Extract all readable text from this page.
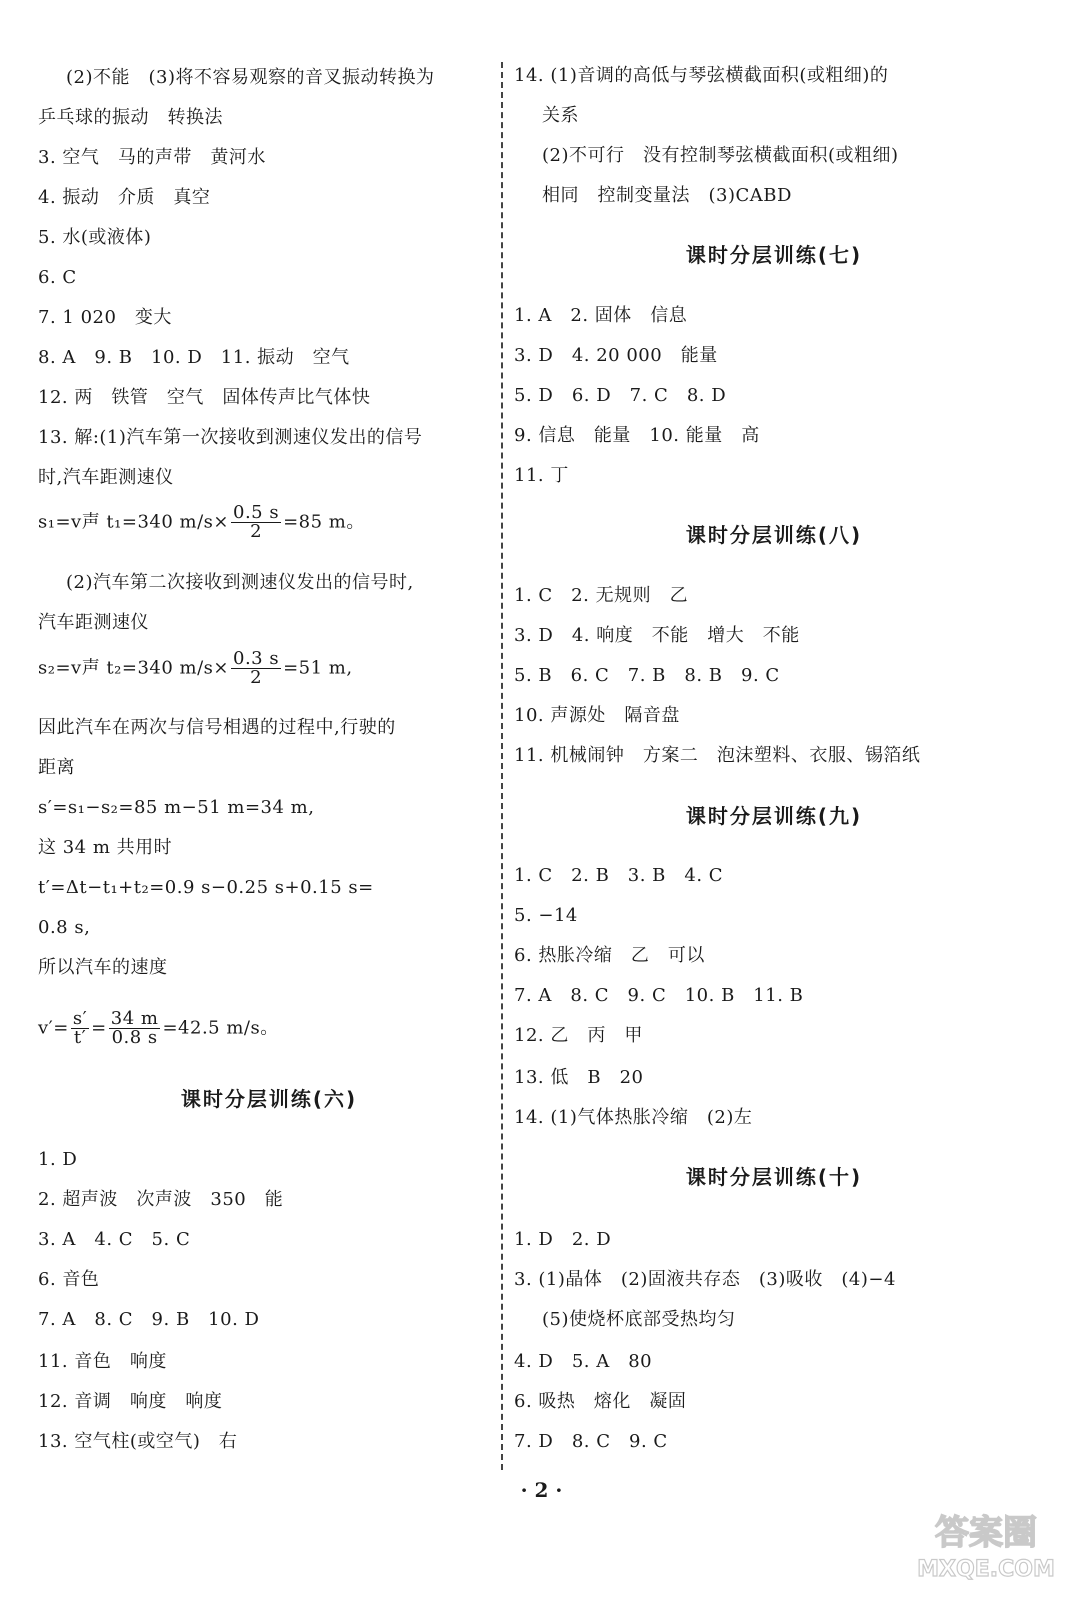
(2)不能　(3)将不容易观察的音叉振动转换为
乒乓球的振动　转换法
3. 空气　马的声带　黄河水
4. 振动　介质　真空
5. 水(或液体)
6. C
7. 1 020　变大
8. A　9. B　10. D　11. 振动　空气
12. 两　铁管　空气　固体传声比气体快
13. 解:(1)汽车第一次接收到测速仪发出的信号
时,汽车距测速仪
s₁=v声 t₁=340 $m/s\times \frac{0.5 s}{2} =85$ m。
(2)汽车第二次接收到测速仪发出的信号时,
汽车距测速仪
s₂=v声 t₂=340 $m/s\times \frac{0.3 s}{2} =51$ m,
因此汽车在两次与信号相遇的过程中,行驶的
距离
s′=s₁−s₂=85 m−51 m=34 m,
这 34 m 共用时
t′=Δt−t₁+t₂=0.9 s−0.25 s+0.15 s=
0.8 s,
所以汽车的速度
$v'= \frac{s'}{t'} = \frac{34 m}{0.8 s} =42.5$ m/s。
课时分层训练(六)
1. D
2. 超声波　次声波　350　能
3. A　4. C　5. C
6. 音色
7. A　8. C　9. B　10. D
11. 音色　响度
12. 音调　响度　响度
13. 空气柱(或空气)　右
14. (1)音调的高低与琴弦横截面积(或粗细)的
关系
(2)不可行　没有控制琴弦横截面积(或粗细)
相同　控制变量法　(3)CABD
课时分层训练(七)
1. A　2. 固体　信息
3. D　4. 20 000　能量
5. D　6. D　7. C　8. D
9. 信息　能量　10. 能量　高
11. 丁
课时分层训练(八)
1. C　2. 无规则　乙
3. D　4. 响度　不能　增大　不能
5. B　6. C　7. B　8. B　9. C
10. 声源处　隔音盘
11. 机械闹钟　方案二　泡沫塑料、衣服、锡箔纸
课时分层训练(九)
1. C　2. B　3. B　4. C
5. −14
6. 热胀冷缩　乙　可以
7. A　8. C　9. C　10. B　11. B
12. 乙　丙　甲
13. 低　B　20
14. (1)气体热胀冷缩　(2)左
课时分层训练(十)
1. D　2. D
3. (1)晶体　(2)固液共存态　(3)吸收　(4)−4
(5)使烧杯底部受热均匀
4. D　5. A　80
6. 吸热　熔化　凝固
7. D　8. C　9. C
· 2 ·
答案圈
MXQE.COM
